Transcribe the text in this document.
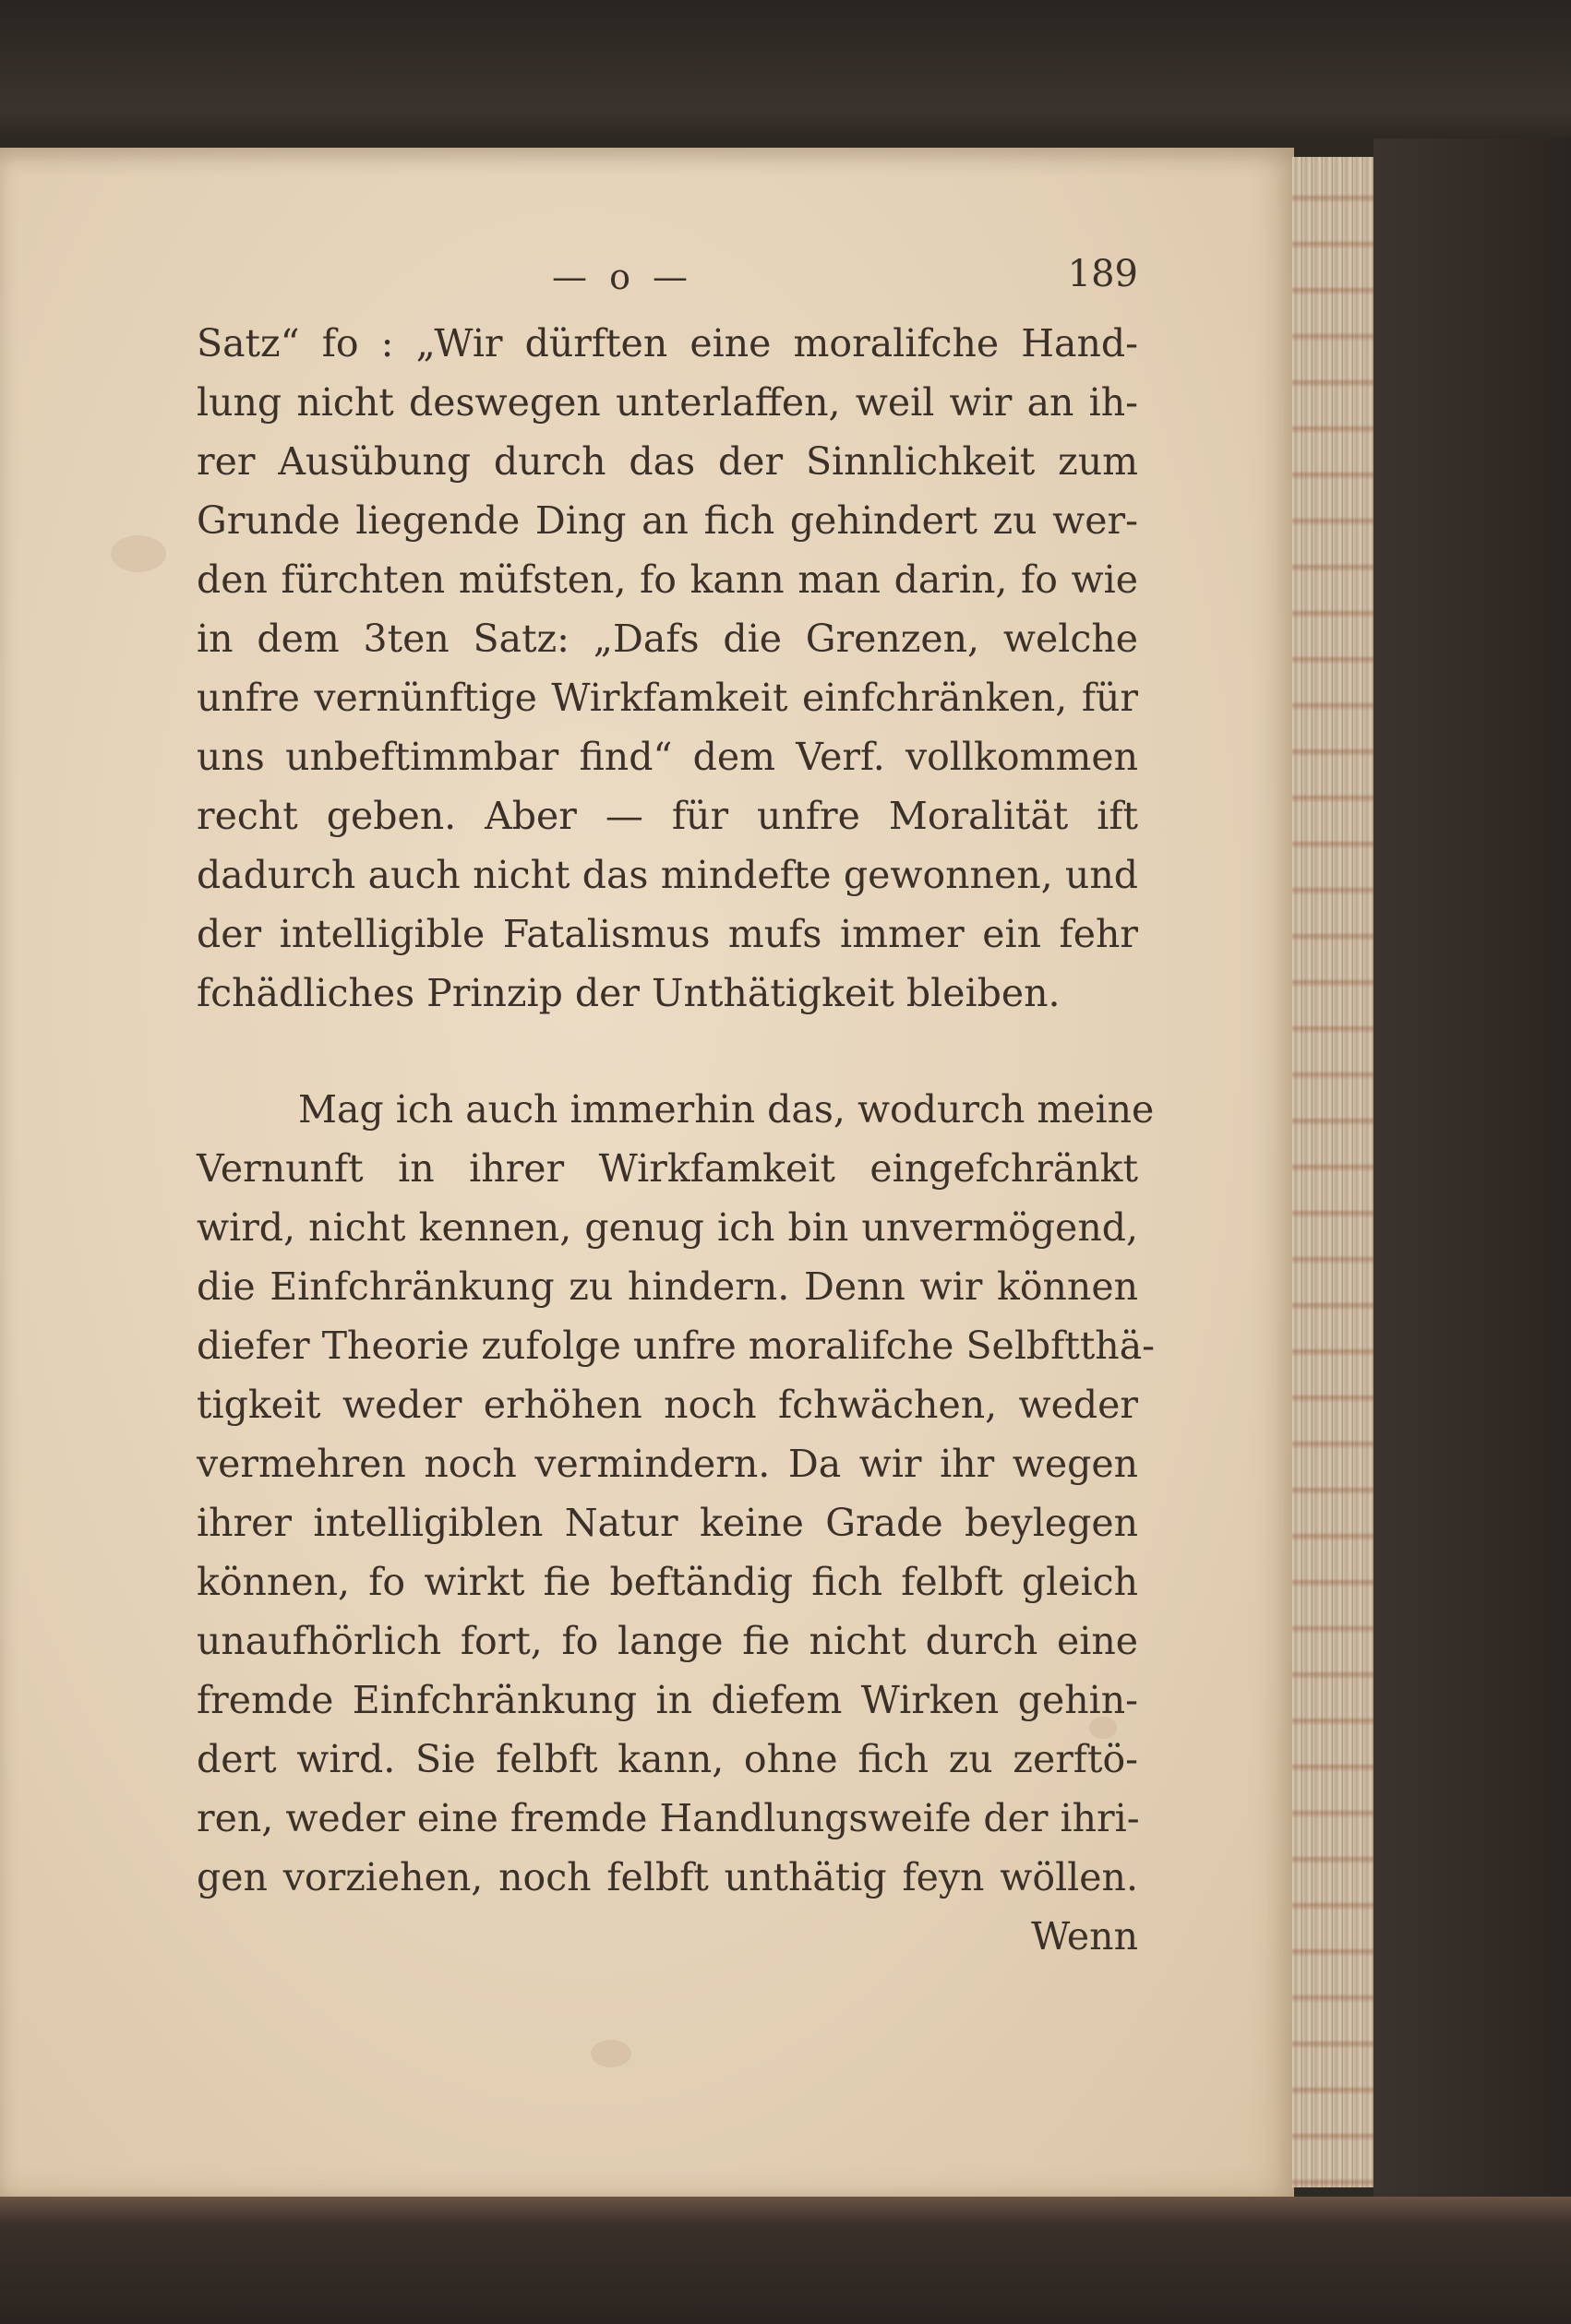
— o —	189

Satz“ fo : „Wir dürften eine moralifche Hand-
lung nicht deswegen unterlaffen, weil wir an ih-
rer Ausübung durch das der Sinnlichkeit zum
Grunde liegende Ding an fich gehindert zu wer-
den fürchten müfsten, fo kann man darin, fo wie
in dem 3ten Satz: „Dafs die Grenzen, welche
unfre vernünftige Wirkfamkeit einfchränken, für
uns unbeftimmbar find“ dem Verf. vollkommen
recht geben. Aber — für unfre Moralität ift
dadurch auch nicht das mindefte gewonnen, und
der intelligible Fatalismus mufs immer ein fehr
fchädliches Prinzip der Unthätigkeit bleiben.

Mag ich auch immerhin das, wodurch meine
Vernunft in ihrer Wirkfamkeit eingefchränkt
wird, nicht kennen, genug ich bin unvermögend,
die Einfchränkung zu hindern. Denn wir können
diefer Theorie zufolge unfre moralifche Selbftthä-
tigkeit weder erhöhen noch fchwächen, weder
vermehren noch vermindern. Da wir ihr wegen
ihrer intelligiblen Natur keine Grade beylegen
können, fo wirkt fie beftändig fich felbft gleich
unaufhörlich fort, fo lange fie nicht durch eine
fremde Einfchränkung in diefem Wirken gehin-
dert wird. Sie felbft kann, ohne fich zu zerftö-
ren, weder eine fremde Handlungsweife der ihri-
gen vorziehen, noch felbft unthätig feyn wöllen.

Wenn
